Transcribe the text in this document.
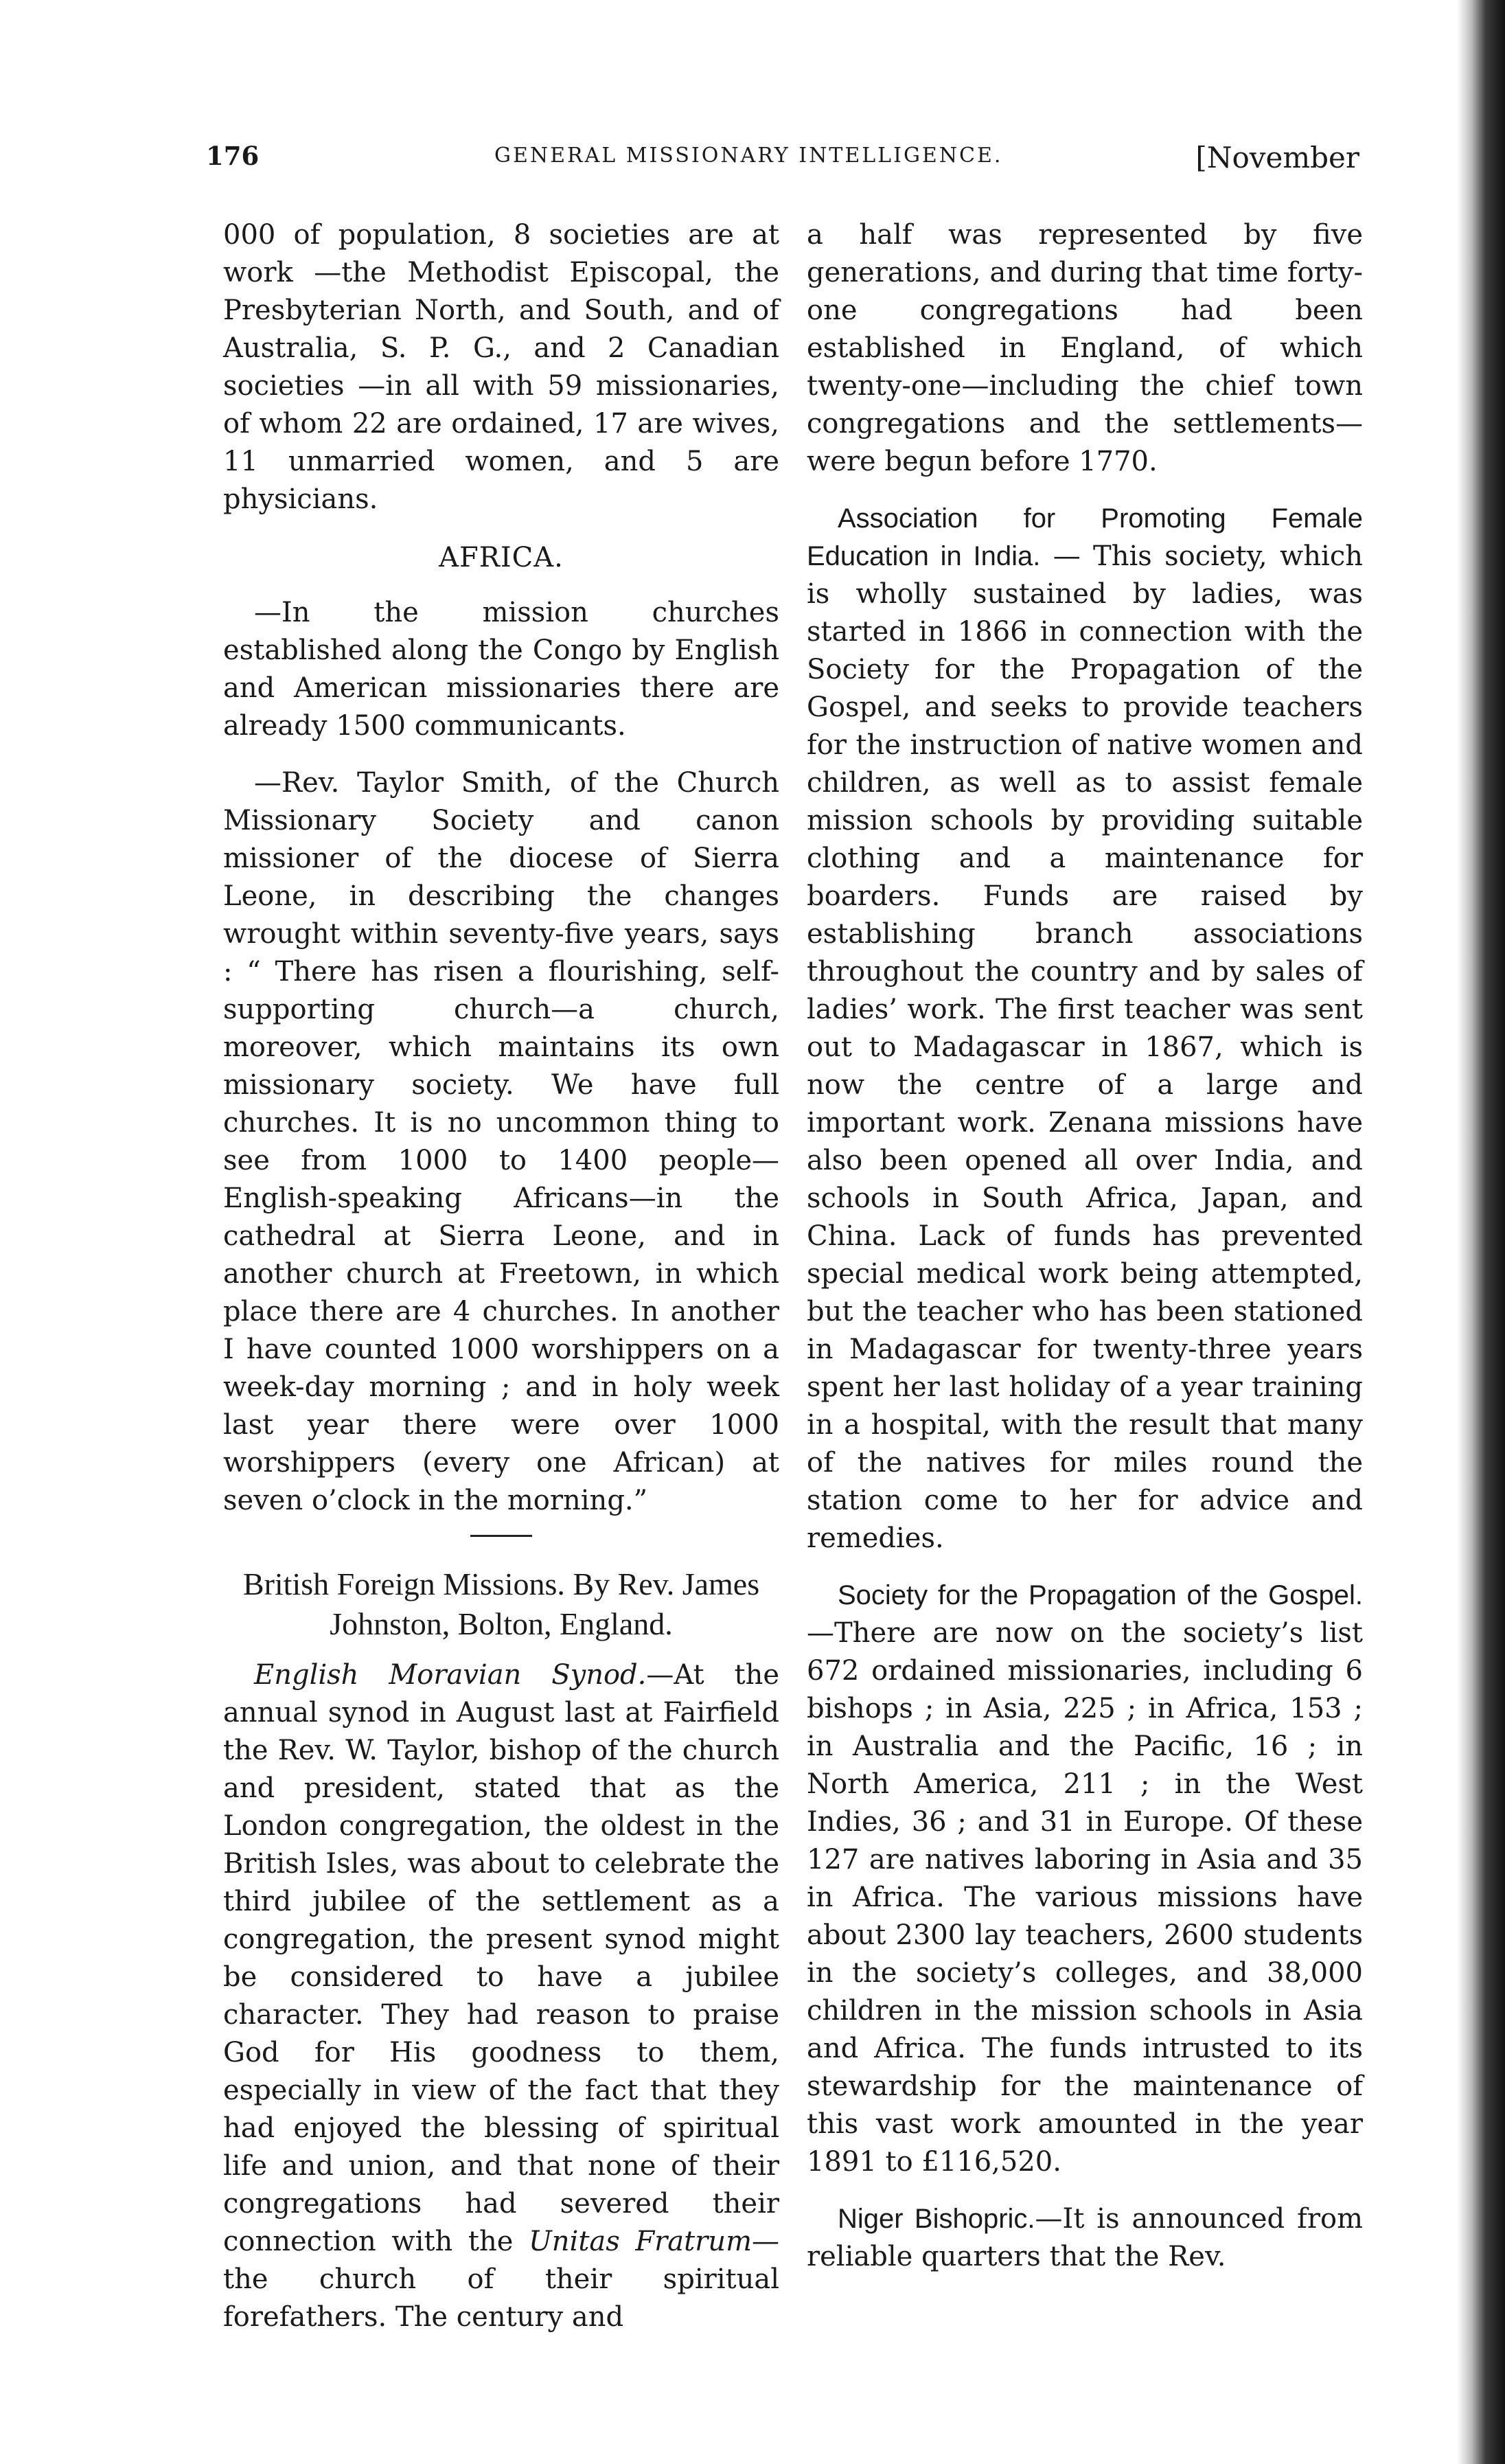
176	GENERAL MISSIONARY INTELLIGENCE.	[November

000 of population, 8 societies are at work —the Methodist Episcopal, the Presbyterian North, and South, and of Australia, S. P. G., and 2 Canadian societies —in all with 59 missionaries, of whom 22 are ordained, 17 are wives, 11 unmarried women, and 5 are physicians.

AFRICA.

—In the mission churches established along the Congo by English and American missionaries there are already 1500 communicants.

—Rev. Taylor Smith, of the Church Missionary Society and canon missioner of the diocese of Sierra Leone, in describing the changes wrought within seventy-five years, says : “ There has risen a flourishing, self-supporting church—a church, moreover, which maintains its own missionary society. We have full churches. It is no uncommon thing to see from 1000 to 1400 people—English-speaking Africans—in the cathedral at Sierra Leone, and in another church at Freetown, in which place there are 4 churches. In another I have counted 1000 worshippers on a week-day morning ; and in holy week last year there were over 1000 worshippers (every one African) at seven o’clock in the morning.”

British Foreign Missions. By Rev. James Johnston, Bolton, England.

English Moravian Synod.—At the annual synod in August last at Fairfield the Rev. W. Taylor, bishop of the church and president, stated that as the London congregation, the oldest in the British Isles, was about to celebrate the third jubilee of the settlement as a congregation, the present synod might be considered to have a jubilee character. They had reason to praise God for His goodness to them, especially in view of the fact that they had enjoyed the blessing of spiritual life and union, and that none of their congregations had severed their connection with the Unitas Fratrum—the church of their spiritual forefathers. The century and

a half was represented by five generations, and during that time forty-one congregations had been established in England, of which twenty-one—including the chief town congregations and the settlements—were begun before 1770.

Association for Promoting Female Education in India. — This society, which is wholly sustained by ladies, was started in 1866 in connection with the Society for the Propagation of the Gospel, and seeks to provide teachers for the instruction of native women and children, as well as to assist female mission schools by providing suitable clothing and a maintenance for boarders. Funds are raised by establishing branch associations throughout the country and by sales of ladies’ work. The first teacher was sent out to Madagascar in 1867, which is now the centre of a large and important work. Zenana missions have also been opened all over India, and schools in South Africa, Japan, and China. Lack of funds has prevented special medical work being attempted, but the teacher who has been stationed in Madagascar for twenty-three years spent her last holiday of a year training in a hospital, with the result that many of the natives for miles round the station come to her for advice and remedies.

Society for the Propagation of the Gospel.—There are now on the society’s list 672 ordained missionaries, including 6 bishops ; in Asia, 225 ; in Africa, 153 ; in Australia and the Pacific, 16 ; in North America, 211 ; in the West Indies, 36 ; and 31 in Europe. Of these 127 are natives laboring in Asia and 35 in Africa. The various missions have about 2300 lay teachers, 2600 students in the society’s colleges, and 38,000 children in the mission schools in Asia and Africa. The funds intrusted to its stewardship for the maintenance of this vast work amounted in the year 1891 to £116,520.

Niger Bishopric.—It is announced from reliable quarters that the Rev.
